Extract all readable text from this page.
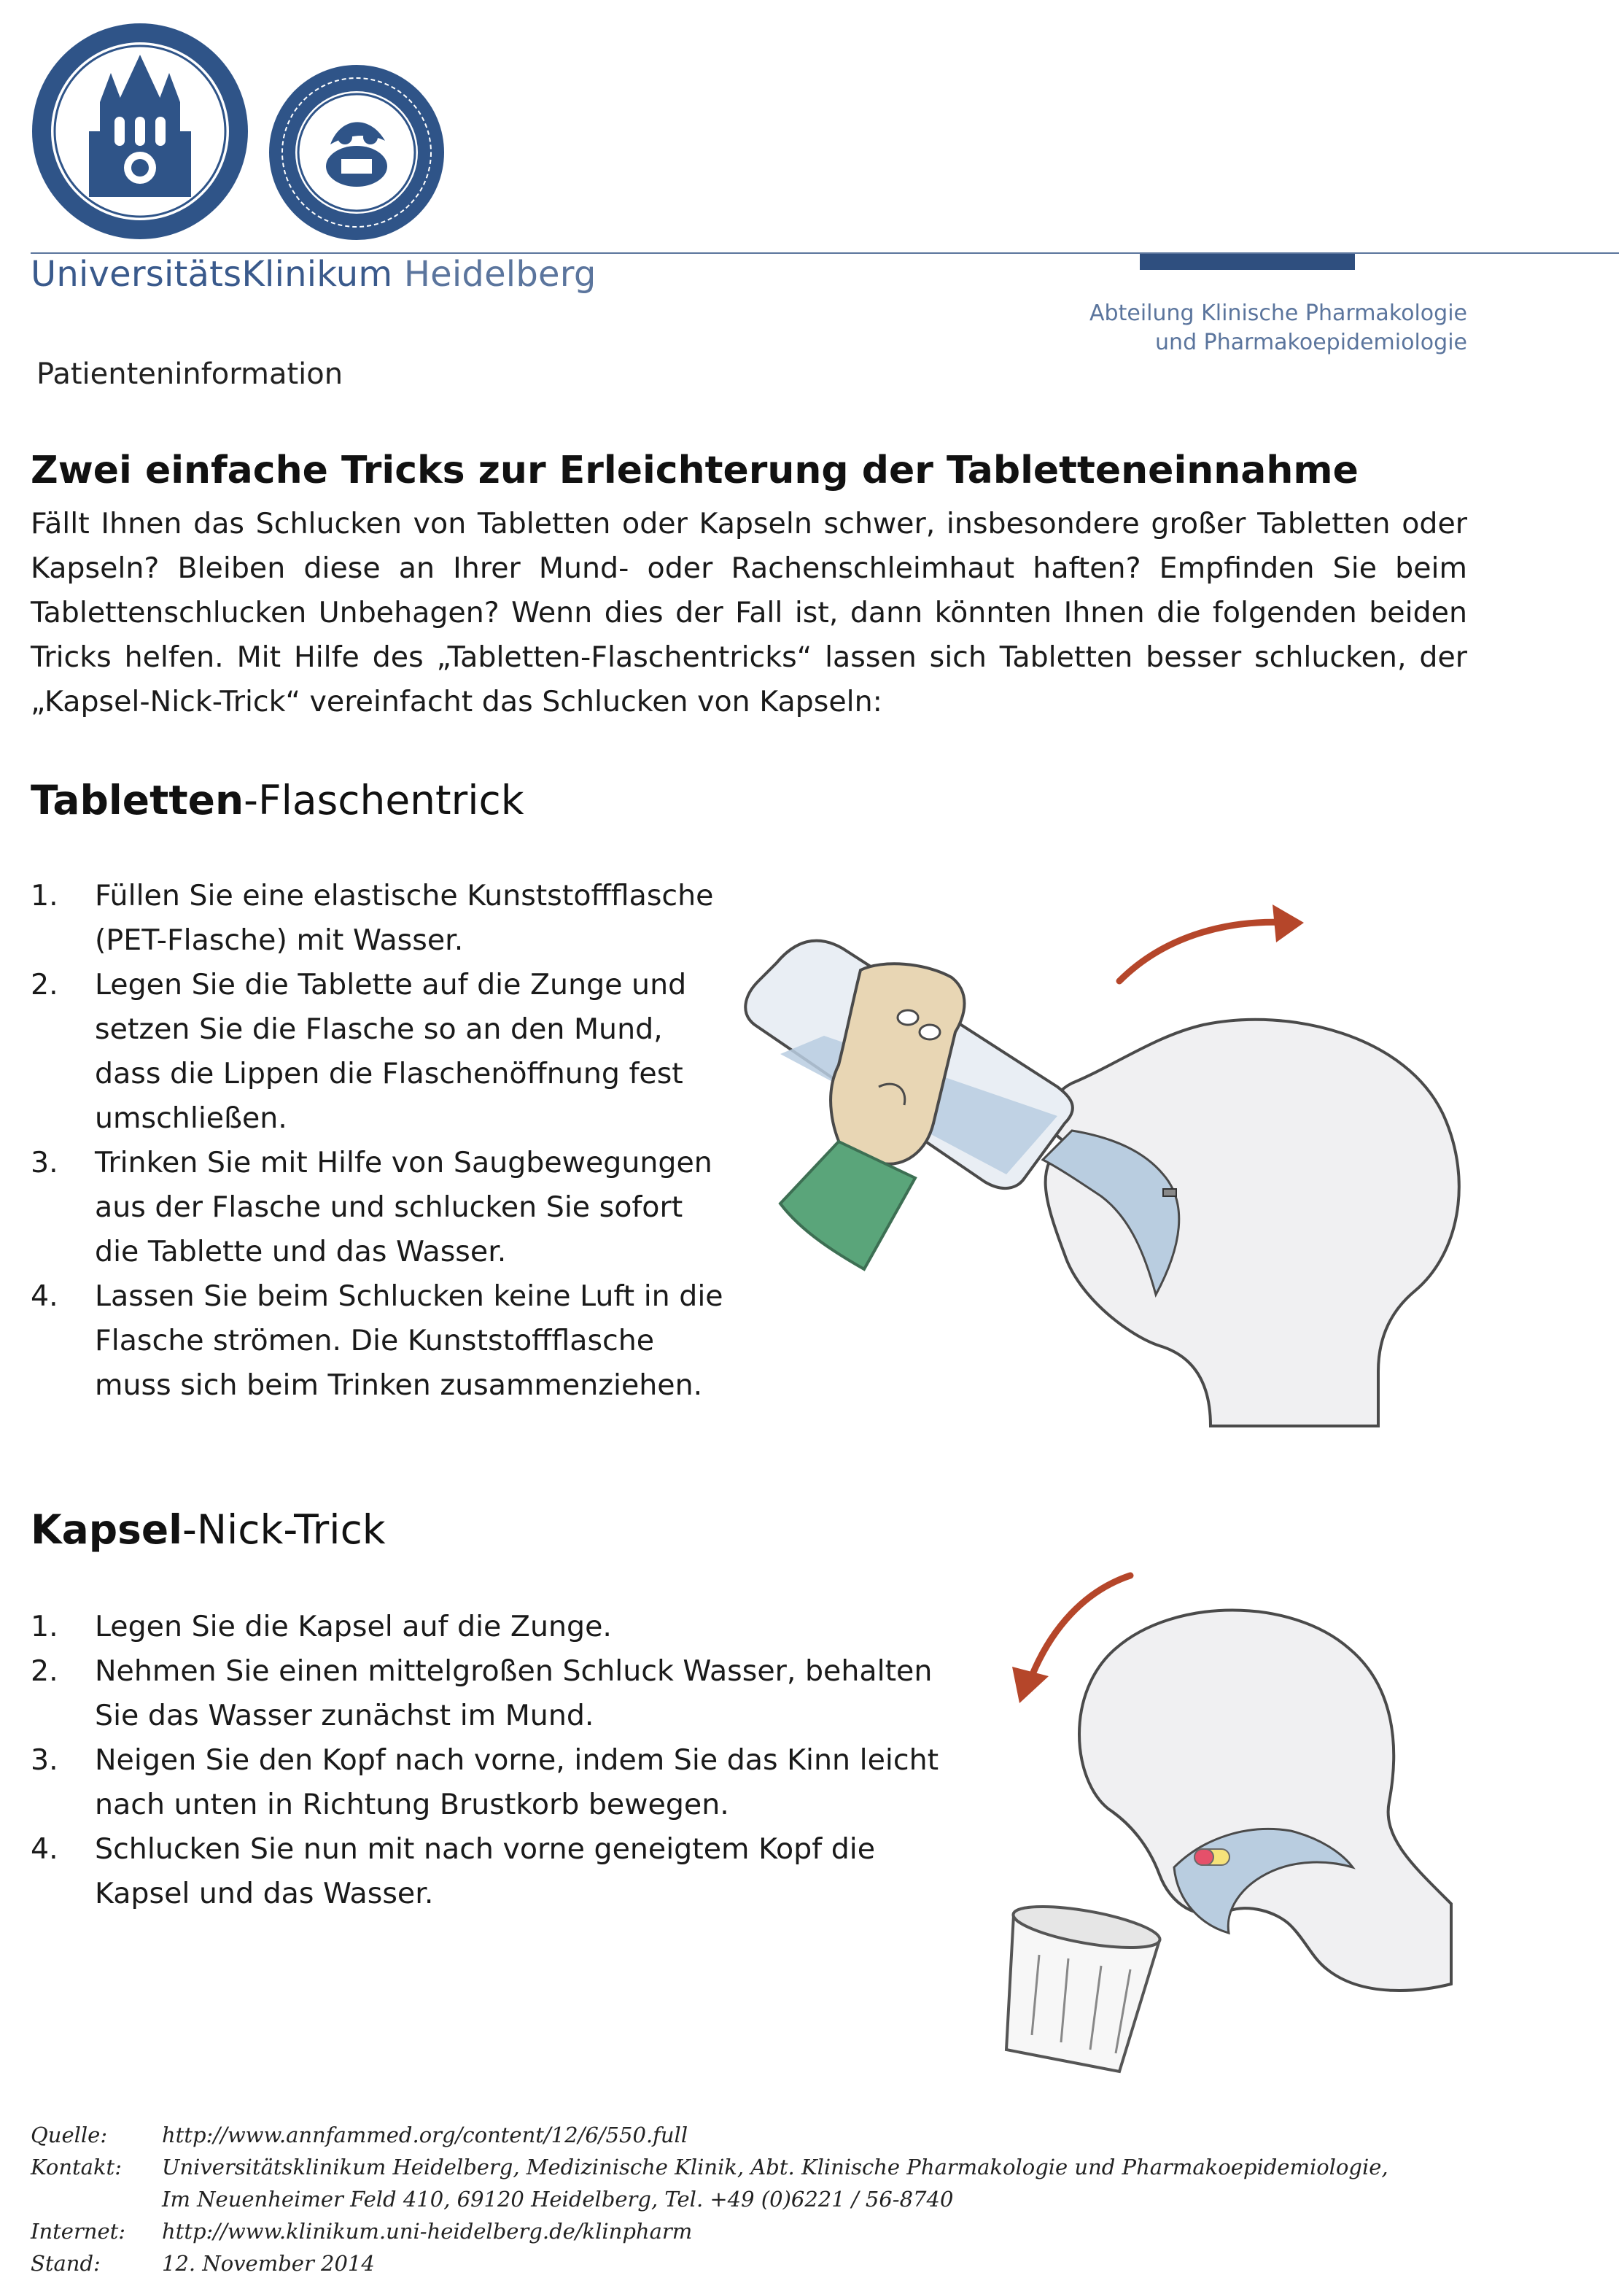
UniversitätsKlinikum Heidelberg
Abteilung Klinische Pharmakologie
und Pharmakoepidemiologie
Patienteninformation
Zwei einfache Tricks zur Erleichterung der Tabletteneinnahme
Fällt Ihnen das Schlucken von Tabletten oder Kapseln schwer, insbesondere großer Tabletten oder Kapseln? Bleiben diese an Ihrer Mund- oder Rachenschleimhaut haften? Empfinden Sie beim Tablettenschlucken Unbehagen? Wenn dies der Fall ist, dann könnten Ihnen die folgenden beiden Tricks helfen. Mit Hilfe des „Tabletten-Flaschentricks“ lassen sich Tabletten besser schlucken, der „Kapsel-Nick-Trick“ vereinfacht das Schlucken von Kapseln:
Tabletten-Flaschentrick
1. Füllen Sie eine elastische Kunststoffflasche (PET-Flasche) mit Wasser.
2. Legen Sie die Tablette auf die Zunge und setzen Sie die Flasche so an den Mund, dass die Lippen die Flaschenöffnung fest umschließen.
3. Trinken Sie mit Hilfe von Saugbewegungen aus der Flasche und schlucken Sie sofort die Tablette und das Wasser.
4. Lassen Sie beim Schlucken keine Luft in die Flasche strömen. Die Kunststoffflasche muss sich beim Trinken zusammenziehen.
Kapsel-Nick-Trick
1. Legen Sie die Kapsel auf die Zunge.
2. Nehmen Sie einen mittelgroßen Schluck Wasser, behalten Sie das Wasser zunächst im Mund.
3. Neigen Sie den Kopf nach vorne, indem Sie das Kinn leicht nach unten in Richtung Brustkorb bewegen.
4. Schlucken Sie nun mit nach vorne geneigtem Kopf die Kapsel und das Wasser.
Quelle:	http://www.annfammed.org/content/12/6/550.full
Kontakt:	Universitätsklinikum Heidelberg, Medizinische Klinik, Abt. Klinische Pharmakologie und Pharmakoepidemiologie,
Im Neuenheimer Feld 410, 69120 Heidelberg, Tel. +49 (0)6221 / 56-8740
Internet:	http://www.klinikum.uni-heidelberg.de/klinpharm
Stand:	12. November 2014
